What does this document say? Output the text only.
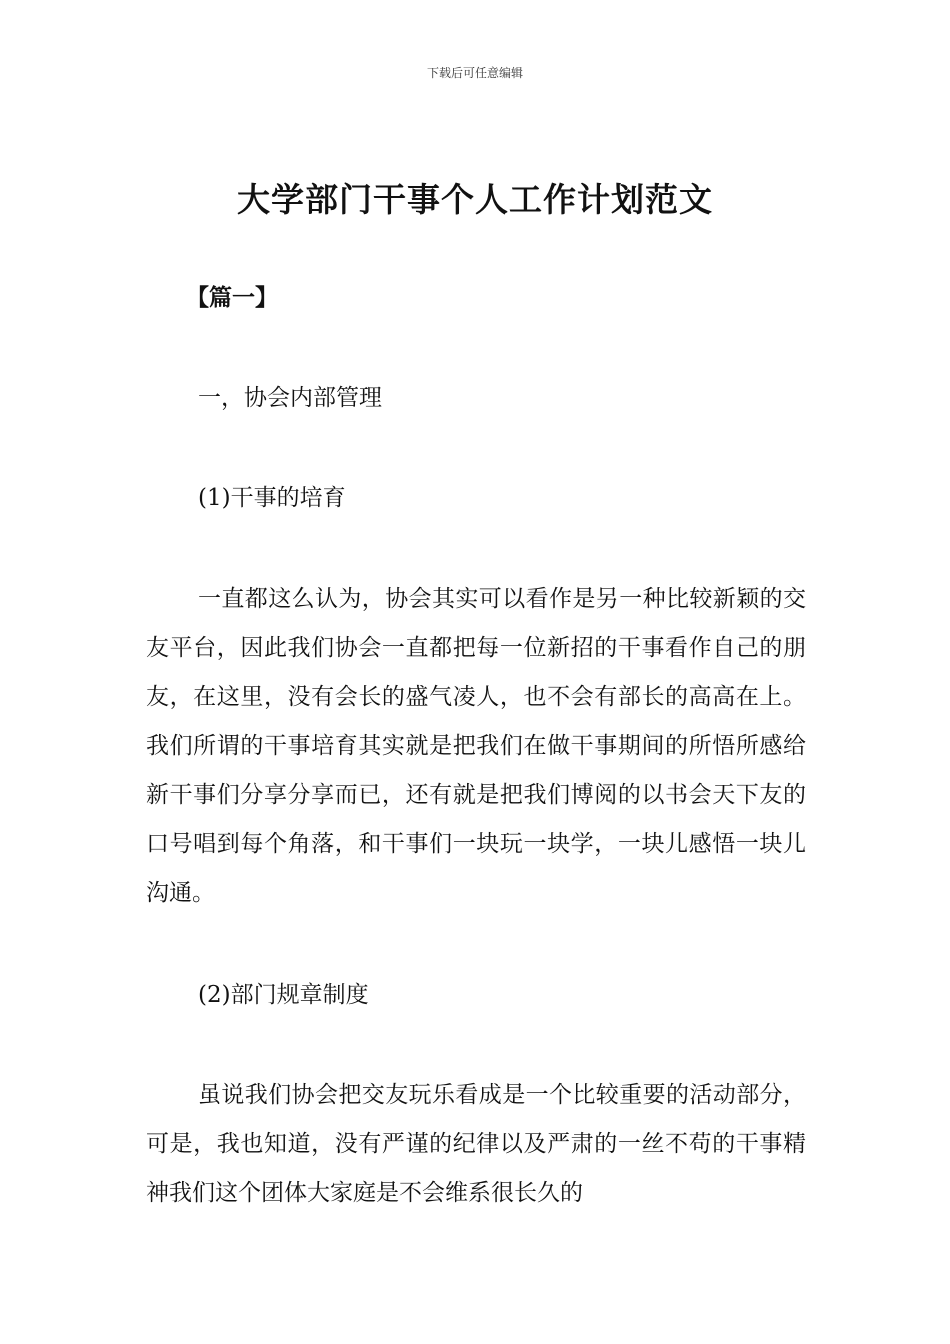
下载后可任意编辑
大学部门干事个人工作计划范文
【篇一】
一，协会内部管理
(1)干事的培育

一直都这么认为，协会其实可以看作是另一种比较新颖的交友平台，因此我们协会一直都把每一位新招的干事看作自己的朋友，在这里，没有会长的盛气凌人，也不会有部长的高高在上。我们所谓的干事培育其实就是把我们在做干事期间的所悟所感给新干事们分享分享而已，还有就是把我们博阅的以书会天下友的口号唱到每个角落，和干事们一块玩一块学，一块儿感悟一块儿沟通。

(2)部门规章制度

虽说我们协会把交友玩乐看成是一个比较重要的活动部分，可是，我也知道，没有严谨的纪律以及严肃的一丝不苟的干事精神我们这个团体大家庭是不会维系很长久的
